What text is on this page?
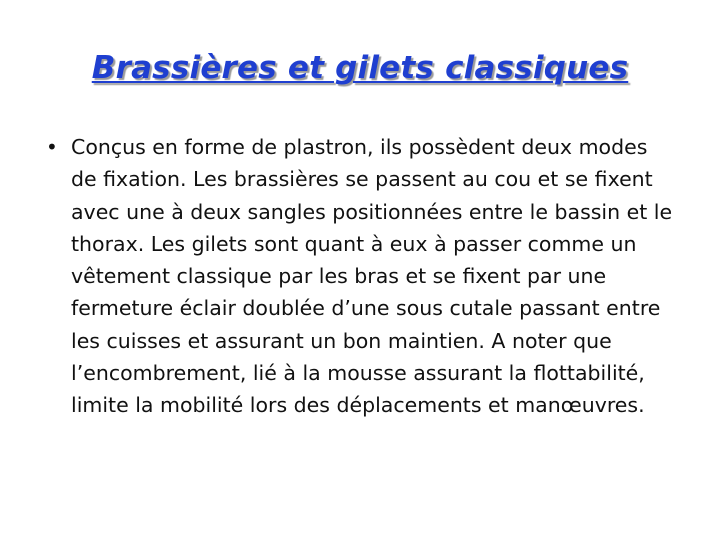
Brassières et gilets classiques
• Conçus en forme de plastron, ils possèdent deux modes de fixation. Les brassières se passent au cou et se fixent avec une à deux sangles positionnées entre le bassin et le thorax. Les gilets sont quant à eux à passer comme un vêtement classique par les bras et se fixent par une fermeture éclair doublée d’une sous cutale passant entre les cuisses et assurant un bon maintien. A noter que l’encombrement, lié à la mousse assurant la flottabilité, limite la mobilité lors des déplacements et manœuvres.
